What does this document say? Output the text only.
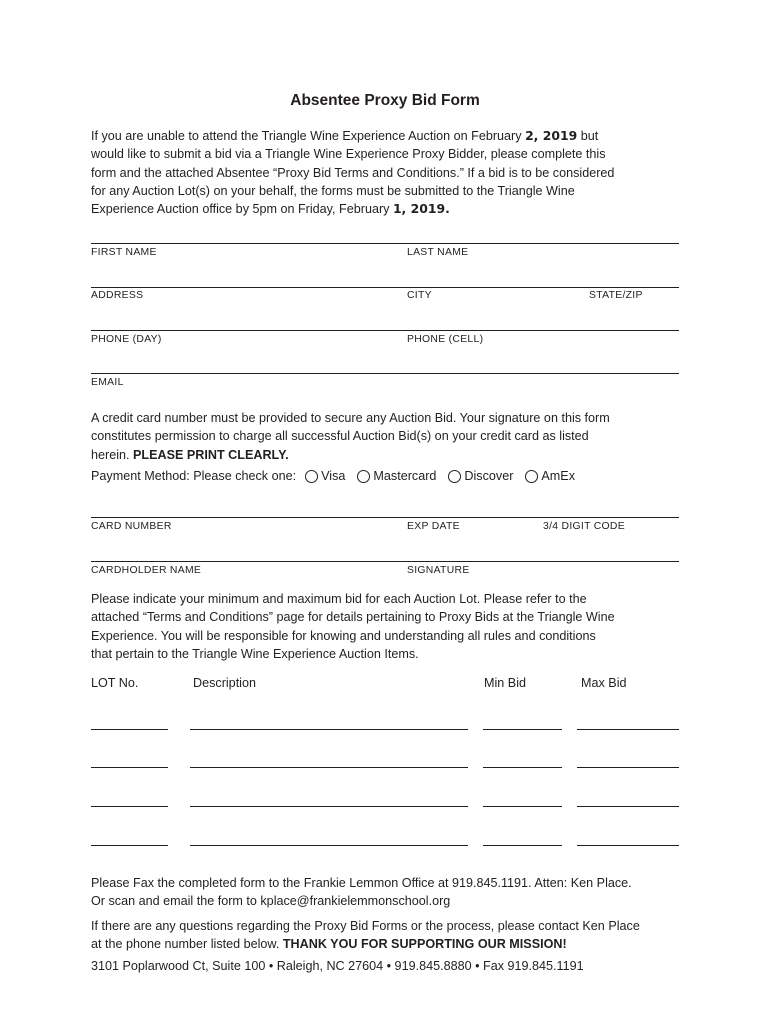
Absentee Proxy Bid Form
If you are unable to attend the Triangle Wine Experience Auction on February 2, 2019 but
would like to submit a bid via a Triangle Wine Experience Proxy Bidder, please complete this
form and the attached Absentee “Proxy Bid Terms and Conditions.” If a bid is to be considered
for any Auction Lot(s) on your behalf, the forms must be submitted to the Triangle Wine
Experience Auction office by 5pm on Friday, February 1, 2019.
FIRST NAME	LAST NAME
ADDRESS	CITY	STATE/ZIP
PHONE (DAY)	PHONE (CELL)
EMAIL
A credit card number must be provided to secure any Auction Bid. Your signature on this form
constitutes permission to charge all successful Auction Bid(s) on your credit card as listed
herein. PLEASE PRINT CLEARLY.
Payment Method: Please check one: Visa Mastercard Discover AmEx
CARD NUMBER	EXP DATE	3/4 DIGIT CODE
CARDHOLDER NAME	SIGNATURE
Please indicate your minimum and maximum bid for each Auction Lot. Please refer to the
attached “Terms and Conditions” page for details pertaining to Proxy Bids at the Triangle Wine
Experience. You will be responsible for knowing and understanding all rules and conditions
that pertain to the Triangle Wine Experience Auction Items.
LOT No.	Description	Min Bid	Max Bid
Please Fax the completed form to the Frankie Lemmon Office at 919.845.1191. Atten: Ken Place.
Or scan and email the form to kplace@frankielemmonschool.org
If there are any questions regarding the Proxy Bid Forms or the process, please contact Ken Place
at the phone number listed below. THANK YOU FOR SUPPORTING OUR MISSION!
3101 Poplarwood Ct, Suite 100 • Raleigh, NC 27604 • 919.845.8880 • Fax 919.845.1191
